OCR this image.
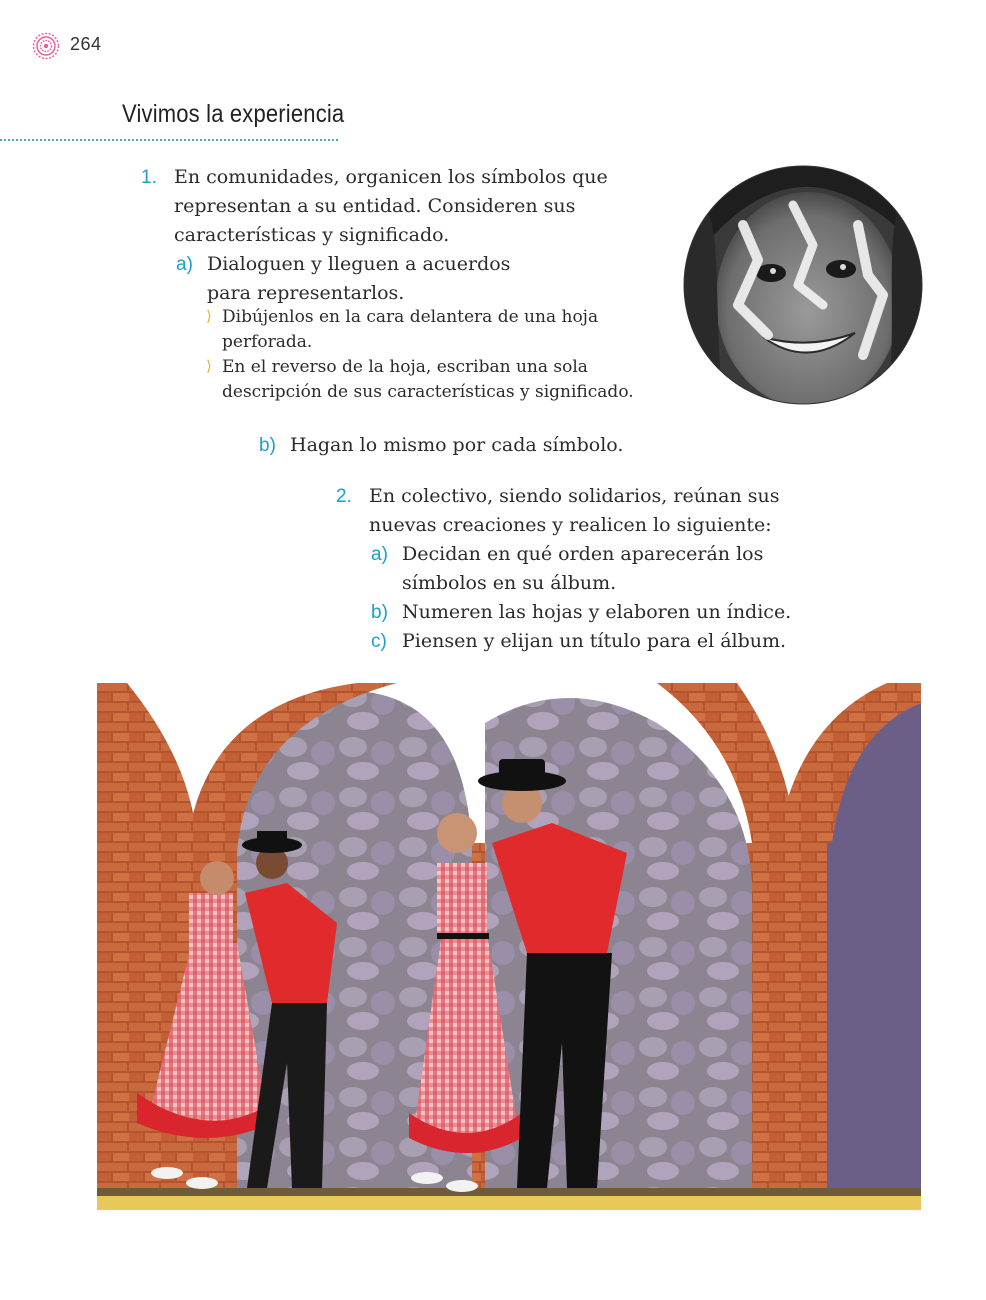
264
Vivimos la experiencia
1. En comunidades, organicen los símbolos que
representan a su entidad. Consideren sus
características y significado.
a) Dialoguen y lleguen a acuerdos
para representarlos.
⟩ Dibújenlos en la cara delantera de una hoja
perforada.
⟩ En el reverso de la hoja, escriban una sola
descripción de sus características y significado.
b) Hagan lo mismo por cada símbolo.
2. En colectivo, siendo solidarios, reúnan sus
nuevas creaciones y realicen lo siguiente:
a) Decidan en qué orden aparecerán los
símbolos en su álbum.
b) Numeren las hojas y elaboren un índice.
c) Piensen y elijan un título para el álbum.
